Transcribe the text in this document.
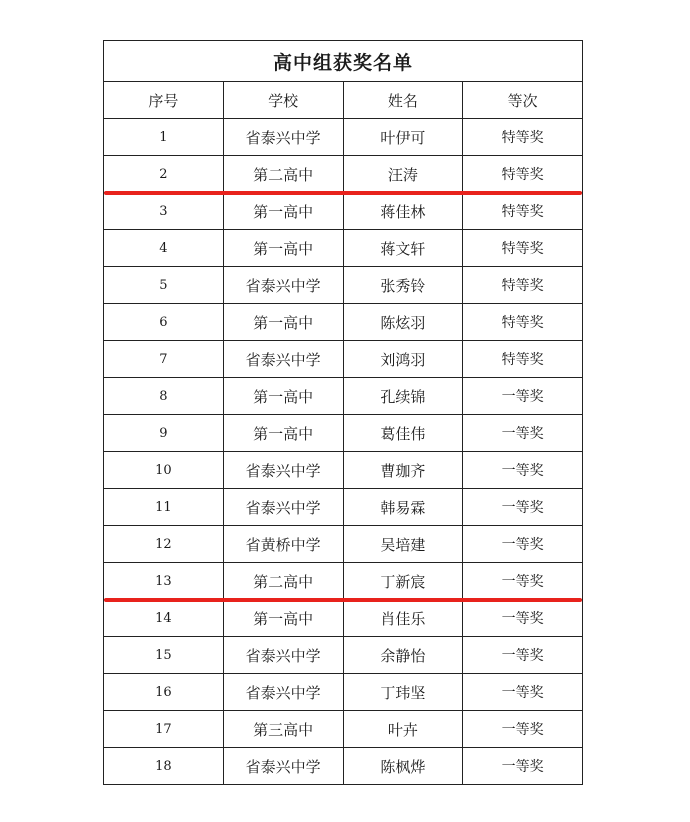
高中组获奖名单			
序号	学校	姓名	等次
1	省泰兴中学	叶伊可	特等奖
2	第二高中	汪涛	特等奖
3	第一高中	蒋佳林	特等奖
4	第一高中	蒋文轩	特等奖
5	省泰兴中学	张秀铃	特等奖
6	第一高中	陈炫羽	特等奖
7	省泰兴中学	刘鸿羽	特等奖
8	第一高中	孔续锦	一等奖
9	第一高中	葛佳伟	一等奖
10	省泰兴中学	曹珈齐	一等奖
11	省泰兴中学	韩易霖	一等奖
12	省黄桥中学	吴培建	一等奖
13	第二高中	丁新宸	一等奖
14	第一高中	肖佳乐	一等奖
15	省泰兴中学	余静怡	一等奖
16	省泰兴中学	丁玮坚	一等奖
17	第三高中	叶卉	一等奖
18	省泰兴中学	陈枫烨	一等奖
